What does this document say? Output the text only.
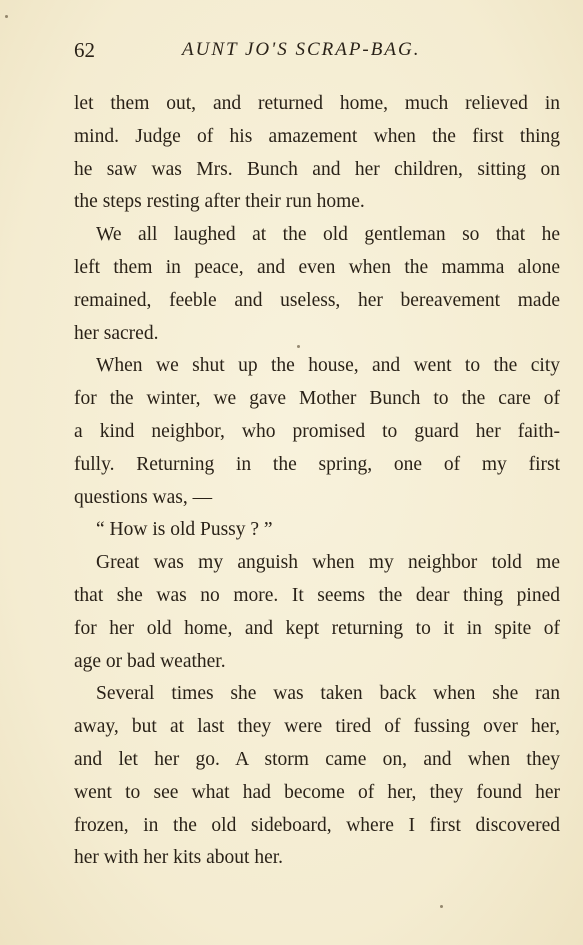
62	AUNT JO'S SCRAP-BAG.
let them out, and returned home, much relieved in
mind. Judge of his amazement when the first thing
he saw was Mrs. Bunch and her children, sitting on
the steps resting after their run home.
We all laughed at the old gentleman so that he
left them in peace, and even when the mamma alone
remained, feeble and useless, her bereavement made
her sacred.
When we shut up the house, and went to the city
for the winter, we gave Mother Bunch to the care of
a kind neighbor, who promised to guard her faith-
fully. Returning in the spring, one of my first
questions was, —
“ How is old Pussy ? ”
Great was my anguish when my neighbor told me
that she was no more. It seems the dear thing pined
for her old home, and kept returning to it in spite of
age or bad weather.
Several times she was taken back when she ran
away, but at last they were tired of fussing over her,
and let her go. A storm came on, and when they
went to see what had become of her, they found her
frozen, in the old sideboard, where I first discovered
her with her kits about her.
